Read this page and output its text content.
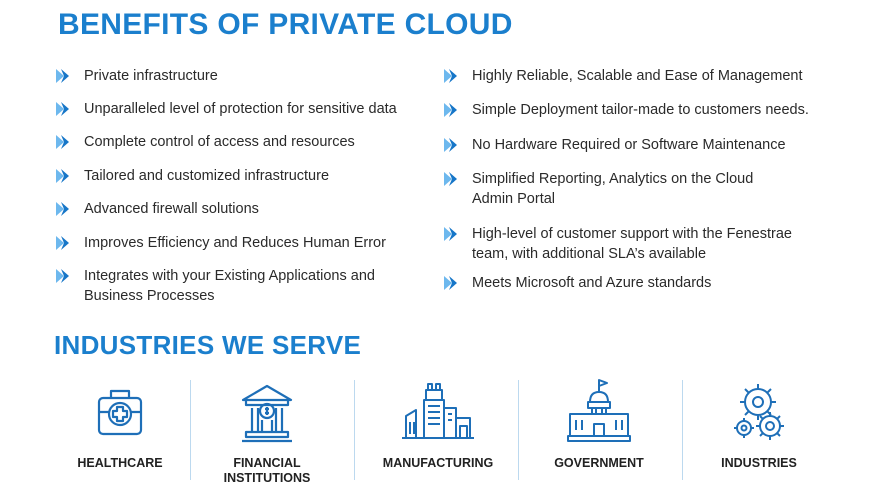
BENEFITS OF PRIVATE CLOUD
Private infrastructure
Unparalleled level of protection for sensitive data
Complete control of access and resources
Tailored and customized infrastructure
Advanced firewall solutions
Improves Efficiency and Reduces Human Error
Integrates with your Existing Applications and
Business Processes
Highly Reliable, Scalable and Ease of Management
Simple Deployment tailor-made to customers needs.
No Hardware Required or Software Maintenance
Simplified Reporting, Analytics on the Cloud
Admin Portal
High-level of customer support with the Fenestrae
team, with additional SLA’s available
Meets Microsoft and Azure standards
INDUSTRIES WE SERVE
HEALTHCARE	FINANCIAL
INSTITUTIONS
MANUFACTURING	GOVERNMENT	INDUSTRIES
